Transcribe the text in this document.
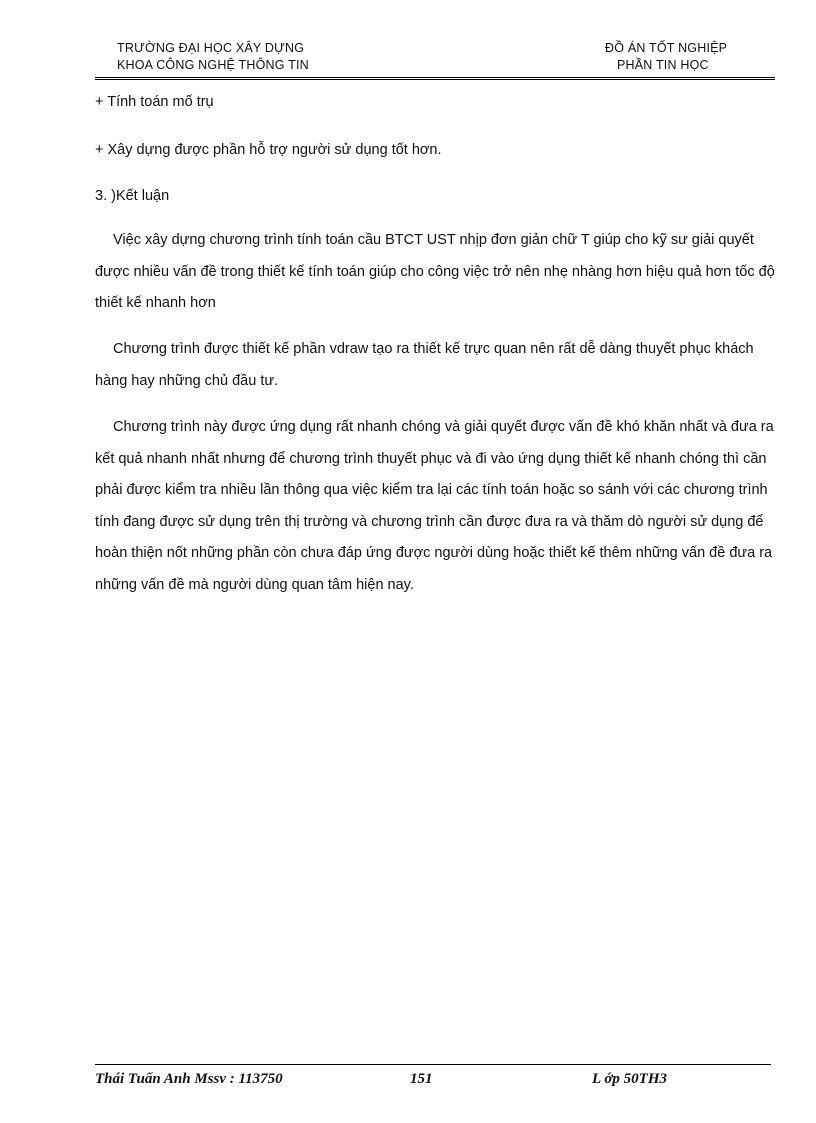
TRƯỜNG ĐẠI HỌC XÂY DỰNG
KHOA CÔNG NGHỆ THÔNG TIN
ĐỒ ÁN TỐT NGHIỆP
PHẦN TIN HỌC
+ Tính toán mố trụ
+ Xây dựng được phần hỗ trợ người sử dụng tốt hơn.
3. )Kết luận
Việc xây dựng chương trình tính toán cầu BTCT UST nhịp đơn giản chữ T giúp cho kỹ sư giải quyết được nhiều vấn đề trong thiết kế tính toán giúp cho công việc trở nên nhẹ nhàng hơn hiệu quả hơn tốc độ thiết kế nhanh hơn
Chương trình được thiết kế phần vdraw tạo ra thiết kế trực quan nên rất dễ dàng thuyết phục khách hàng hay những chủ đầu tư.
Chương trình này được ứng dụng rất nhanh chóng và giải quyết được vấn đề khó khăn nhất và đưa ra kết quả nhanh nhất nhưng để chương trình thuyết phục và đi vào ứng dụng thiết kế nhanh chóng thì cần phải được kiểm tra nhiều lần thông qua việc kiểm tra lại các tính toán hoặc so sánh với các chương trình tính đang được sử dụng trên thị trường và chương trình cần được đưa ra và thăm dò người sử dụng để hoàn thiện nốt những phần còn chưa đáp ứng được người dùng hoặc thiết kế thêm những vấn đề đưa ra những vấn đề mà người dùng quan tâm hiện nay.
Thái Tuấn Anh Mssv : 113750	151	L ớp 50TH3
